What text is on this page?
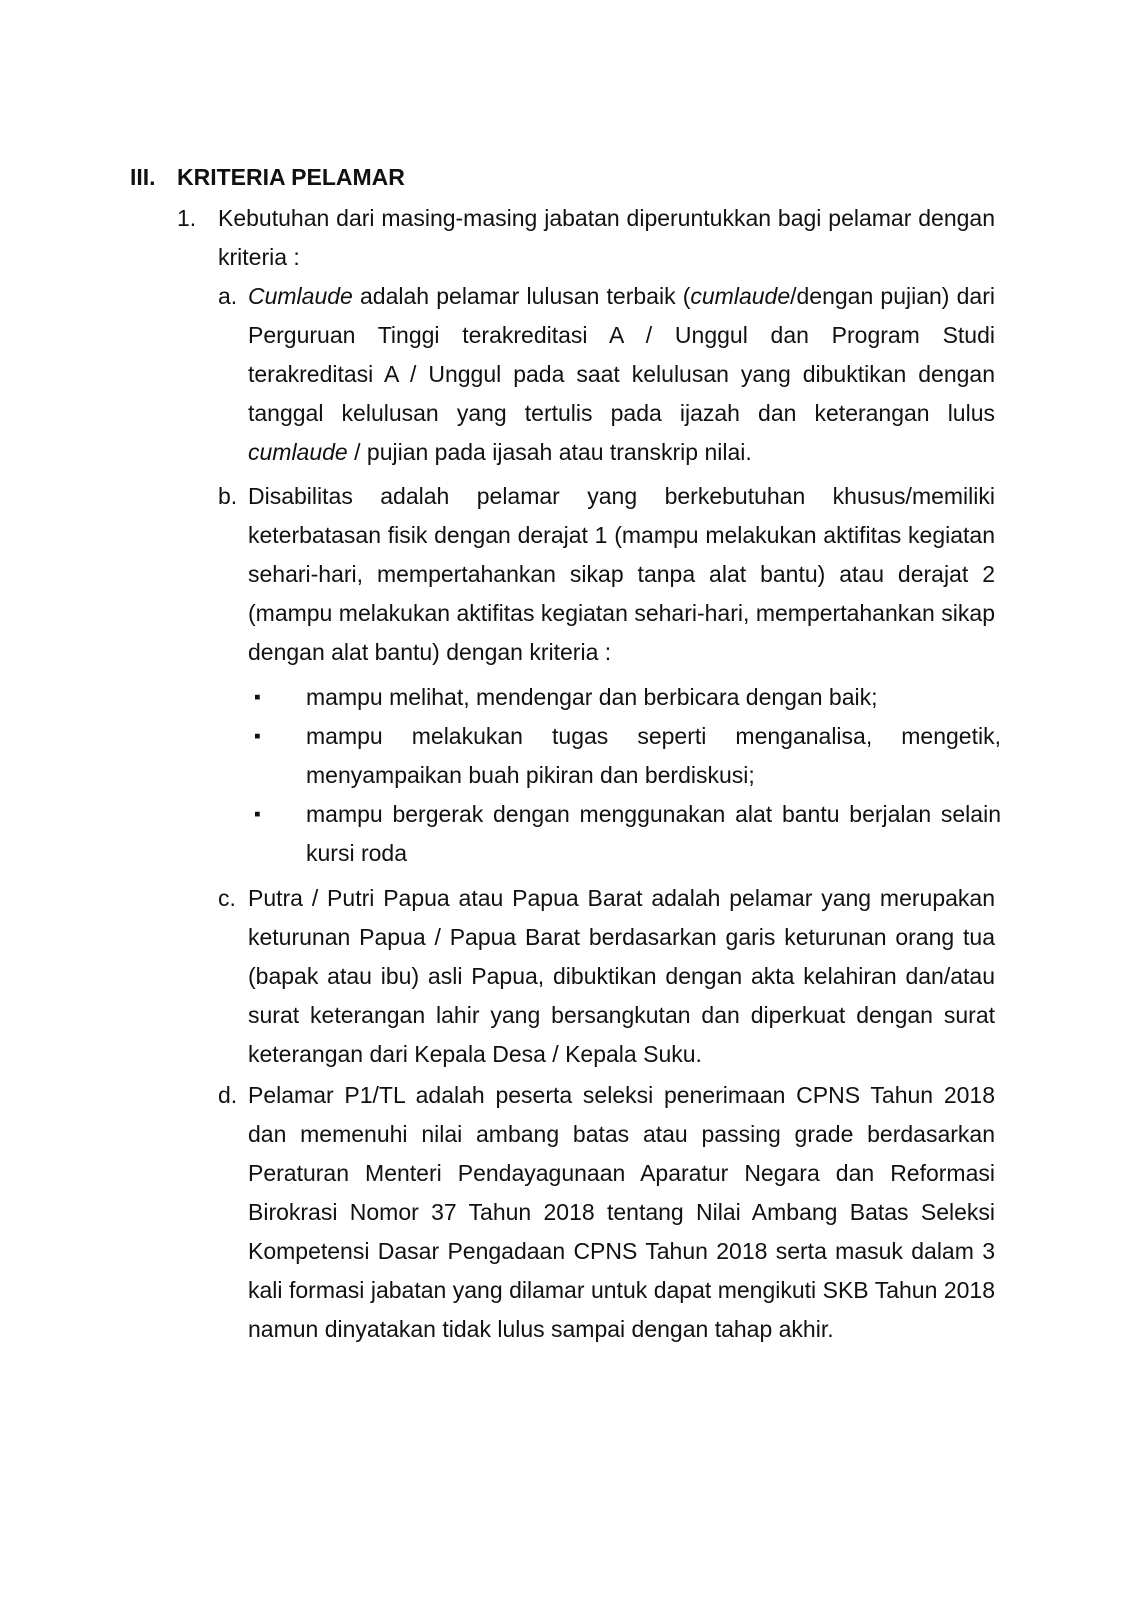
III. KRITERIA PELAMAR
1. Kebutuhan dari masing-masing jabatan diperuntukkan bagi pelamar dengan kriteria :
a. Cumlaude adalah pelamar lulusan terbaik (cumlaude/dengan pujian) dari Perguruan Tinggi terakreditasi A / Unggul dan Program Studi terakreditasi A / Unggul pada saat kelulusan yang dibuktikan dengan tanggal kelulusan yang tertulis pada ijazah dan keterangan lulus cumlaude / pujian pada ijasah atau transkrip nilai.
b. Disabilitas adalah pelamar yang berkebutuhan khusus/memiliki keterbatasan fisik dengan derajat 1 (mampu melakukan aktifitas kegiatan sehari-hari, mempertahankan sikap tanpa alat bantu) atau derajat 2 (mampu melakukan aktifitas kegiatan sehari-hari, mempertahankan sikap dengan alat bantu) dengan kriteria :
▪	mampu melihat, mendengar dan berbicara dengan baik;
▪	mampu melakukan tugas seperti menganalisa, mengetik, menyampaikan buah pikiran dan berdiskusi;
▪	mampu bergerak dengan menggunakan alat bantu berjalan selain kursi roda
c. Putra / Putri Papua atau Papua Barat adalah pelamar yang merupakan keturunan Papua / Papua Barat berdasarkan garis keturunan orang tua (bapak atau ibu) asli Papua, dibuktikan dengan akta kelahiran dan/atau surat keterangan lahir yang bersangkutan dan diperkuat dengan surat keterangan dari Kepala Desa / Kepala Suku.
d. Pelamar P1/TL adalah peserta seleksi penerimaan CPNS Tahun 2018 dan memenuhi nilai ambang batas atau passing grade berdasarkan Peraturan Menteri Pendayagunaan Aparatur Negara dan Reformasi Birokrasi Nomor 37 Tahun 2018 tentang Nilai Ambang Batas Seleksi Kompetensi Dasar Pengadaan CPNS Tahun 2018 serta masuk dalam 3 kali formasi jabatan yang dilamar untuk dapat mengikuti SKB Tahun 2018 namun dinyatakan tidak lulus sampai dengan tahap akhir.
